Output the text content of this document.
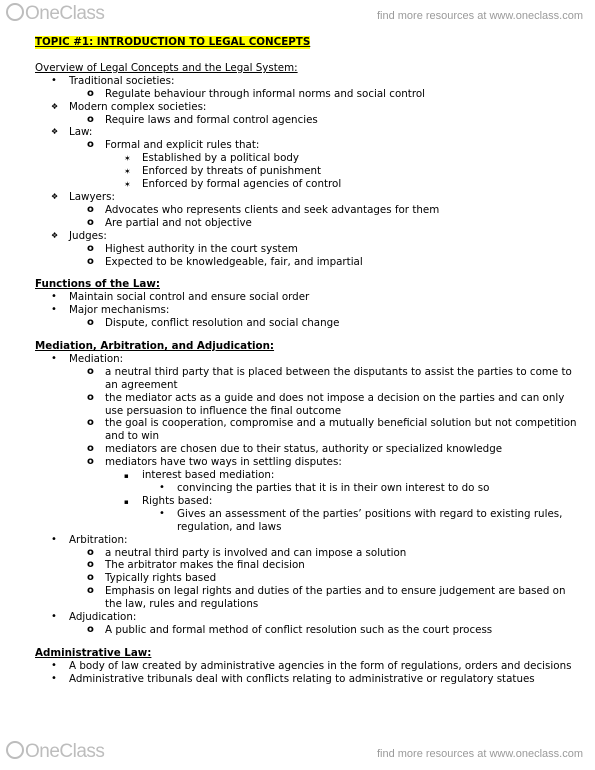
OneClass	find more resources at www.oneclass.com
TOPIC #1: INTRODUCTION TO LEGAL CONCEPTS
Overview of Legal Concepts and the Legal System:
• Traditional societies:
o Regulate behaviour through informal norms and social control
❖ Modern complex societies:
o Require laws and formal control agencies
❖ Law:
o Formal and explicit rules that:
✶ Established by a political body
✶ Enforced by threats of punishment
✶ Enforced by formal agencies of control
❖ Lawyers:
o Advocates who represents clients and seek advantages for them
o Are partial and not objective
❖ Judges:
o Highest authority in the court system
o Expected to be knowledgeable, fair, and impartial
Functions of the Law:
• Maintain social control and ensure social order
• Major mechanisms:
o Dispute, conflict resolution and social change
Mediation, Arbitration, and Adjudication:
• Mediation:
o a neutral third party that is placed between the disputants to assist the parties to come to an agreement
o the mediator acts as a guide and does not impose a decision on the parties and can only use persuasion to influence the final outcome
o the goal is cooperation, compromise and a mutually beneficial solution but not competition and to win
o mediators are chosen due to their status, authority or specialized knowledge
o mediators have two ways in settling disputes:
▪ interest based mediation:
• convincing the parties that it is in their own interest to do so
▪ Rights based:
• Gives an assessment of the parties’ positions with regard to existing rules, regulation, and laws
• Arbitration:
o a neutral third party is involved and can impose a solution
o The arbitrator makes the final decision
o Typically rights based
o Emphasis on legal rights and duties of the parties and to ensure judgement are based on the law, rules and regulations
• Adjudication:
o A public and formal method of conflict resolution such as the court process
Administrative Law:
• A body of law created by administrative agencies in the form of regulations, orders and decisions
• Administrative tribunals deal with conflicts relating to administrative or regulatory statues
OneClass	find more resources at www.oneclass.com
